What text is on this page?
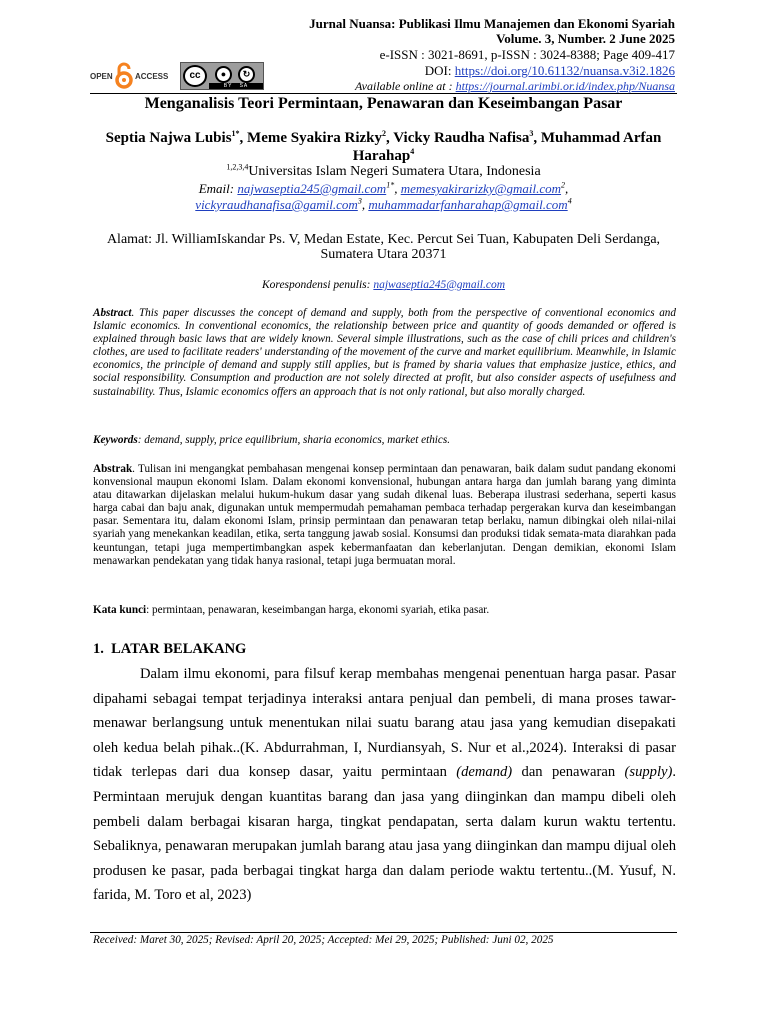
Jurnal Nuansa: Publikasi Ilmu Manajemen dan Ekonomi Syariah
Volume. 3, Number. 2 June 2025
e-ISSN : 3021-8691, p-ISSN : 3024-8388; Page 409-417
DOI: https://doi.org/10.61132/nuansa.v3i2.1826
Available online at : https://journal.arimbi.or.id/index.php/Nuansa
OPEN	ACCESS	cc	●	↻
BY SA
Menganalisis Teori Permintaan, Penawaran dan Keseimbangan Pasar
Septia Najwa Lubis$^{1*}$, Meme Syakira Rizky$^2$, Vicky Raudha Nafisa$^3$, Muhammad Arfan Harahap$^4$
$^{1,2,3,4}$Universitas Islam Negeri Sumatera Utara, Indonesia
Email: najwaseptia245@gmail.com$^{1*}$, memesyakirarizky@gmail.com$^2$,
vickyraudhanafisa@gamil.com$^3$, muhammadarfanharahap@gmail.com$^4$
Alamat: Jl. WilliamIskandar Ps. V, Medan Estate, Kec. Percut Sei Tuan, Kabupaten Deli Serdanga,
Sumatera Utara 20371
Korespondensi penulis: najwaseptia245@gmail.com
Abstract. This paper discusses the concept of demand and supply, both from the perspective of conventional economics and Islamic economics. In conventional economics, the relationship between price and quantity of goods demanded or offered is explained through basic laws that are widely known. Several simple illustrations, such as the case of chili prices and children's clothes, are used to facilitate readers' understanding of the movement of the curve and market equilibrium. Meanwhile, in Islamic economics, the principle of demand and supply still applies, but is framed by sharia values that emphasize justice, ethics, and social responsibility. Consumption and production are not solely directed at profit, but also consider aspects of usefulness and sustainability. Thus, Islamic economics offers an approach that is not only rational, but also morally charged.
Keywords: demand, supply, price equilibrium, sharia economics, market ethics.
Abstrak. Tulisan ini mengangkat pembahasan mengenai konsep permintaan dan penawaran, baik dalam sudut pandang ekonomi konvensional maupun ekonomi Islam. Dalam ekonomi konvensional, hubungan antara harga dan jumlah barang yang diminta atau ditawarkan dijelaskan melalui hukum-hukum dasar yang sudah dikenal luas. Beberapa ilustrasi sederhana, seperti kasus harga cabai dan baju anak, digunakan untuk mempermudah pemahaman pembaca terhadap pergerakan kurva dan keseimbangan pasar. Sementara itu, dalam ekonomi Islam, prinsip permintaan dan penawaran tetap berlaku, namun dibingkai oleh nilai-nilai syariah yang menekankan keadilan, etika, serta tanggung jawab sosial. Konsumsi dan produksi tidak semata-mata diarahkan pada keuntungan, tetapi juga mempertimbangkan aspek kebermanfaatan dan keberlanjutan. Dengan demikian, ekonomi Islam menawarkan pendekatan yang tidak hanya rasional, tetapi juga bermuatan moral.
Kata kunci: permintaan, penawaran, keseimbangan harga, ekonomi syariah, etika pasar.
1. LATAR BELAKANG
Dalam ilmu ekonomi, para filsuf kerap membahas mengenai penentuan harga pasar. Pasar dipahami sebagai tempat terjadinya interaksi antara penjual dan pembeli, di mana proses tawar-menawar berlangsung untuk menentukan nilai suatu barang atau jasa yang kemudian disepakati oleh kedua belah pihak..(K. Abdurrahman, I, Nurdiansyah, S. Nur et al.,2024). Interaksi di pasar tidak terlepas dari dua konsep dasar, yaitu permintaan (demand) dan penawaran (supply). Permintaan merujuk dengan kuantitas barang dan jasa yang diinginkan dan mampu dibeli oleh pembeli dalam berbagai kisaran harga, tingkat pendapatan, serta dalam kurun waktu tertentu. Sebaliknya, penawaran merupakan jumlah barang atau jasa yang diinginkan dan mampu dijual oleh produsen ke pasar, pada berbagai tingkat harga dan dalam periode waktu tertentu..(M. Yusuf, N. farida, M. Toro et al, 2023)
Received: Maret 30, 2025; Revised: April 20, 2025; Accepted: Mei 29, 2025; Published: Juni 02, 2025
